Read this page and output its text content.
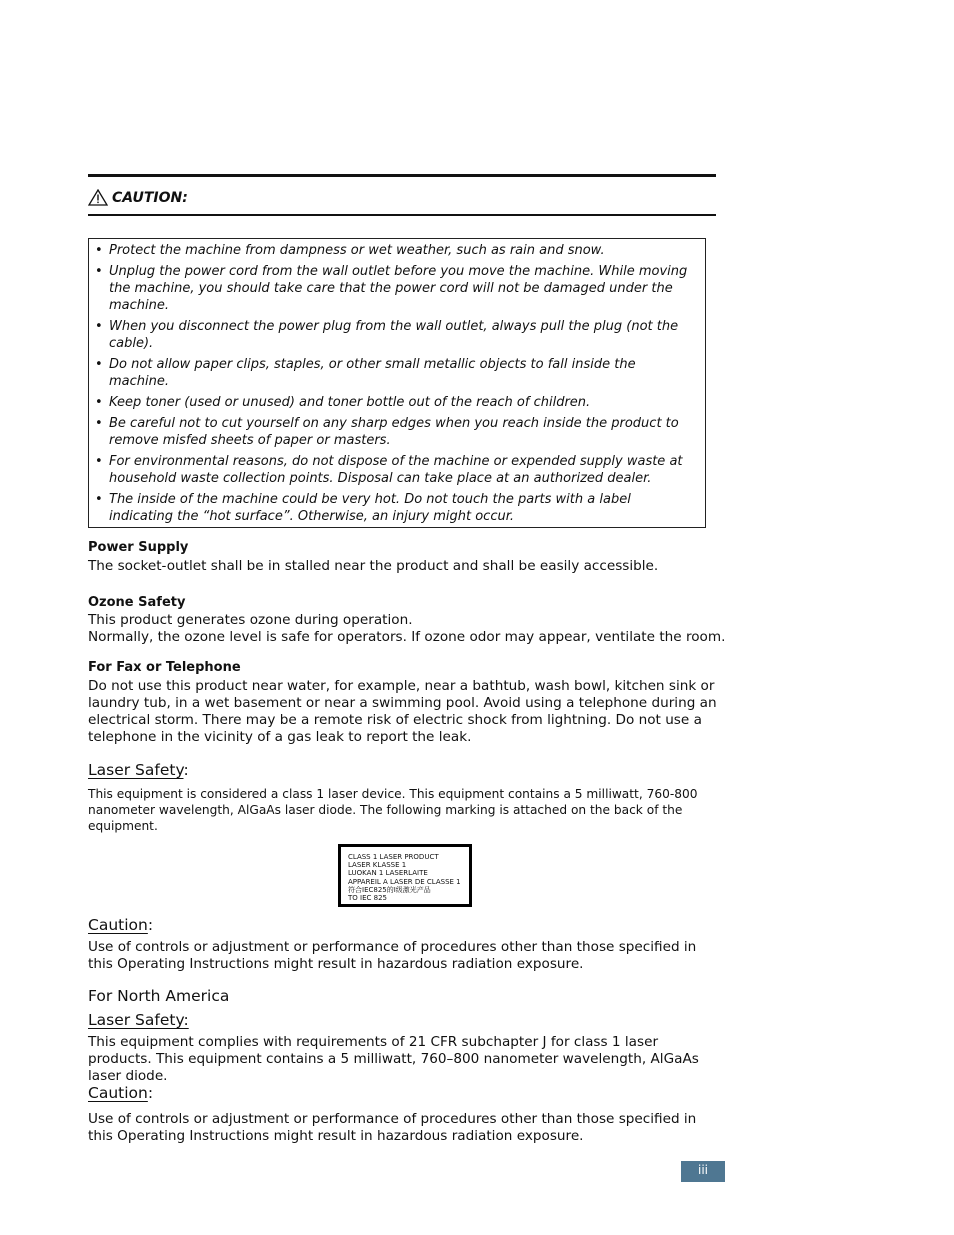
CAUTION:
• Protect the machine from dampness or wet weather, such as rain and snow.
• Unplug the power cord from the wall outlet before you move the machine. While moving the machine, you should take care that the power cord will not be damaged under the machine.
• When you disconnect the power plug from the wall outlet, always pull the plug (not the cable).
• Do not allow paper clips, staples, or other small metallic objects to fall inside the machine.
• Keep toner (used or unused) and toner bottle out of the reach of children.
• Be careful not to cut yourself on any sharp edges when you reach inside the product to remove misfed sheets of paper or masters.
• For environmental reasons, do not dispose of the machine or expended supply waste at household waste collection points. Disposal can take place at an authorized dealer.
• The inside of the machine could be very hot. Do not touch the parts with a label indicating the “hot surface”. Otherwise, an injury might occur.
Power Supply
The socket-outlet shall be in stalled near the product and shall be easily accessible.
Ozone Safety
This product generates ozone during operation.
Normally, the ozone level is safe for operators. If ozone odor may appear, ventilate the room.
For Fax or Telephone
Do not use this product near water, for example, near a bathtub, wash bowl, kitchen sink or laundry tub, in a wet basement or near a swimming pool. Avoid using a telephone during an electrical storm. There may be a remote risk of electric shock from lightning. Do not use a telephone in the vicinity of a gas leak to report the leak.
Laser Safety:
This equipment is considered a class 1 laser device. This equipment contains a 5 milliwatt, 760-800 nanometer wavelength, AlGaAs laser diode. The following marking is attached on the back of the equipment.
CLASS 1 LASER PRODUCT
LASER KLASSE 1
LUOKAN 1 LASERLAITE
APPAREIL A LASER DE CLASSE 1
符合IEC825的I级激光产品
TO IEC 825
Caution:
Use of controls or adjustment or performance of procedures other than those specified in this Operating Instructions might result in hazardous radiation exposure.
For North America
Laser Safety:
This equipment complies with requirements of 21 CFR subchapter J for class 1 laser products. This equipment contains a 5 milliwatt, 760–800 nanometer wavelength, AlGaAs laser diode.
Caution:
Use of controls or adjustment or performance of procedures other than those specified in this Operating Instructions might result in hazardous radiation exposure.
iii
